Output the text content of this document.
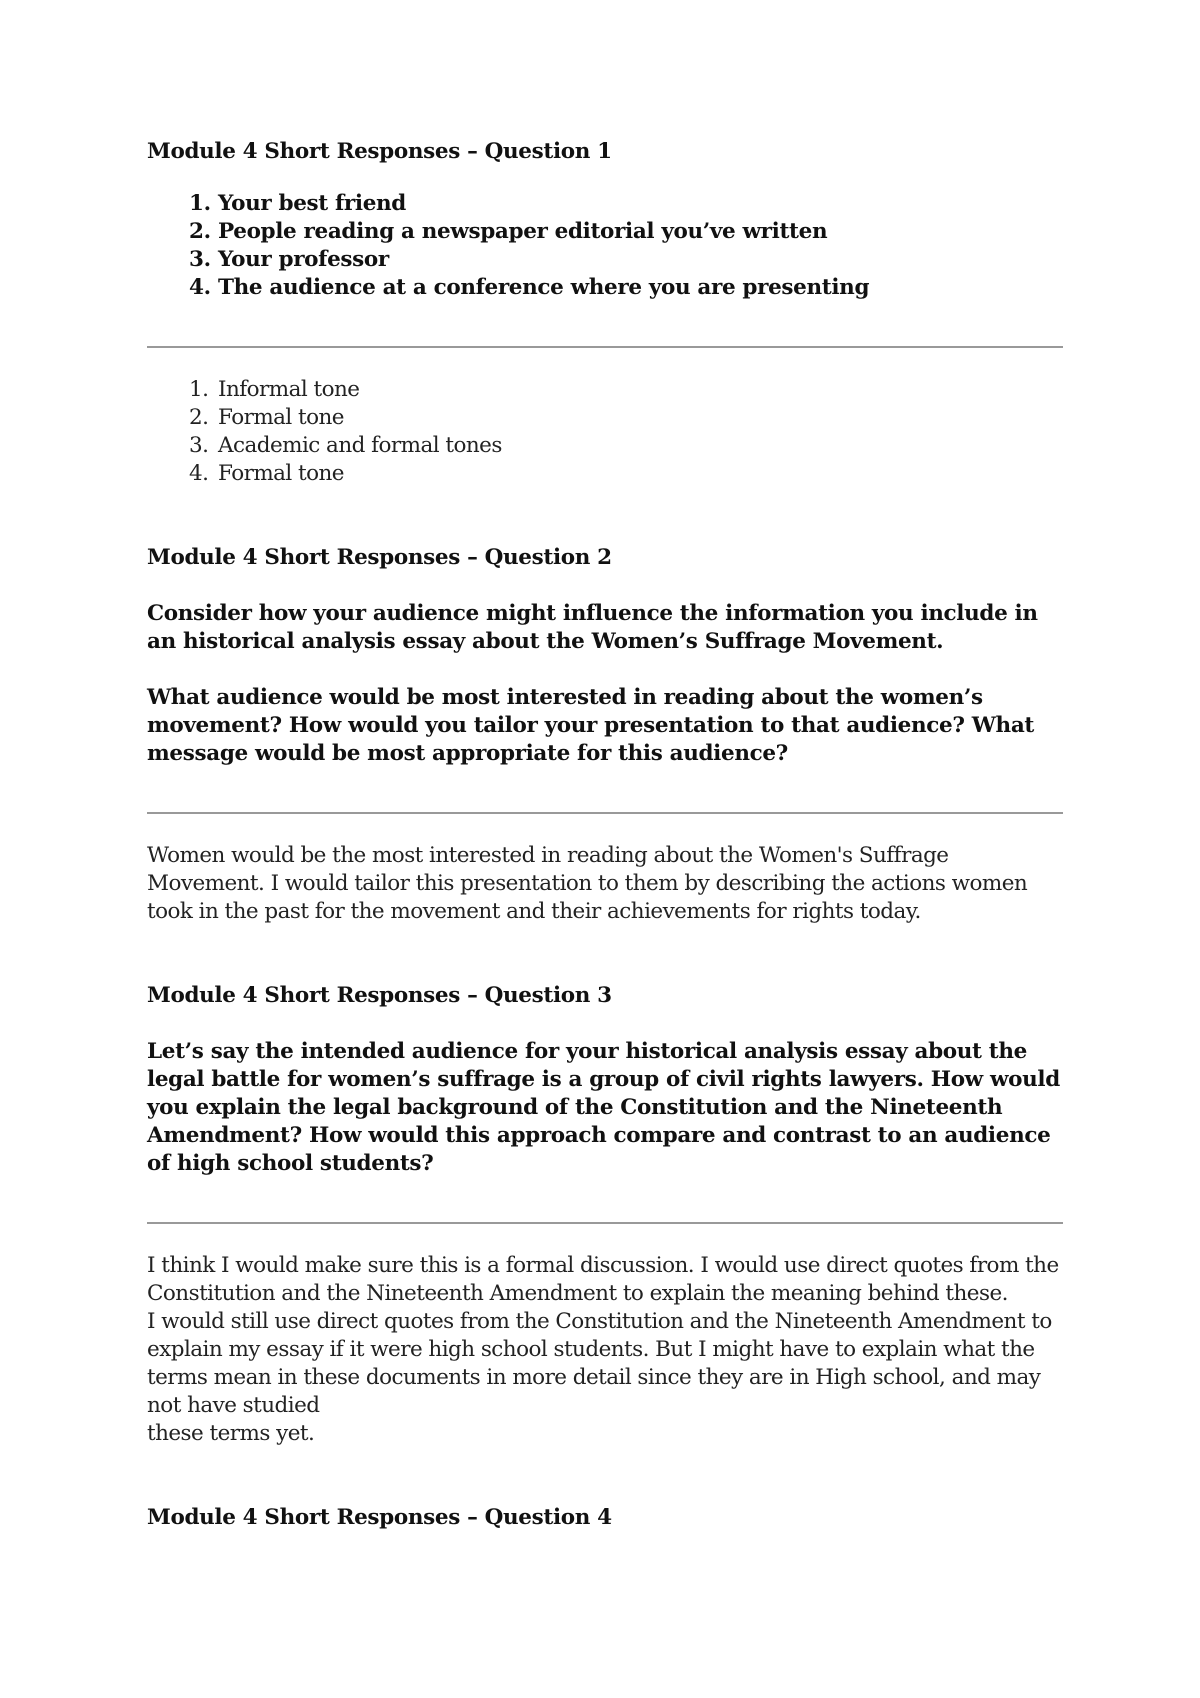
Module 4 Short Responses – Question 1

1. Your best friend
2. People reading a newspaper editorial you’ve written
3. Your professor
4. The audience at a conference where you are presenting
1. Informal tone
2. Formal tone
3. Academic and formal tones
4. Formal tone

Module 4 Short Responses – Question 2

Consider how your audience might influence the information you include in an historical analysis essay about the Women’s Suffrage Movement.

What audience would be most interested in reading about the women’s movement? How would you tailor your presentation to that audience? What message would be most appropriate for this audience?

Women would be the most interested in reading about the Women's Suffrage Movement. I would tailor this presentation to them by describing the actions women took in the past for the movement and their achievements for rights today.

Module 4 Short Responses – Question 3

Let’s say the intended audience for your historical analysis essay about the legal battle for women’s suffrage is a group of civil rights lawyers. How would you explain the legal background of the Constitution and the Nineteenth Amendment? How would this approach compare and contrast to an audience of high school students?

I think I would make sure this is a formal discussion. I would use direct quotes from the Constitution and the Nineteenth Amendment to explain the meaning behind these.

I would still use direct quotes from the Constitution and the Nineteenth Amendment to explain my essay if it were high school students. But I might have to explain what the terms mean in these documents in more detail since they are in High school, and may not have studied

these terms yet.

Module 4 Short Responses – Question 4
